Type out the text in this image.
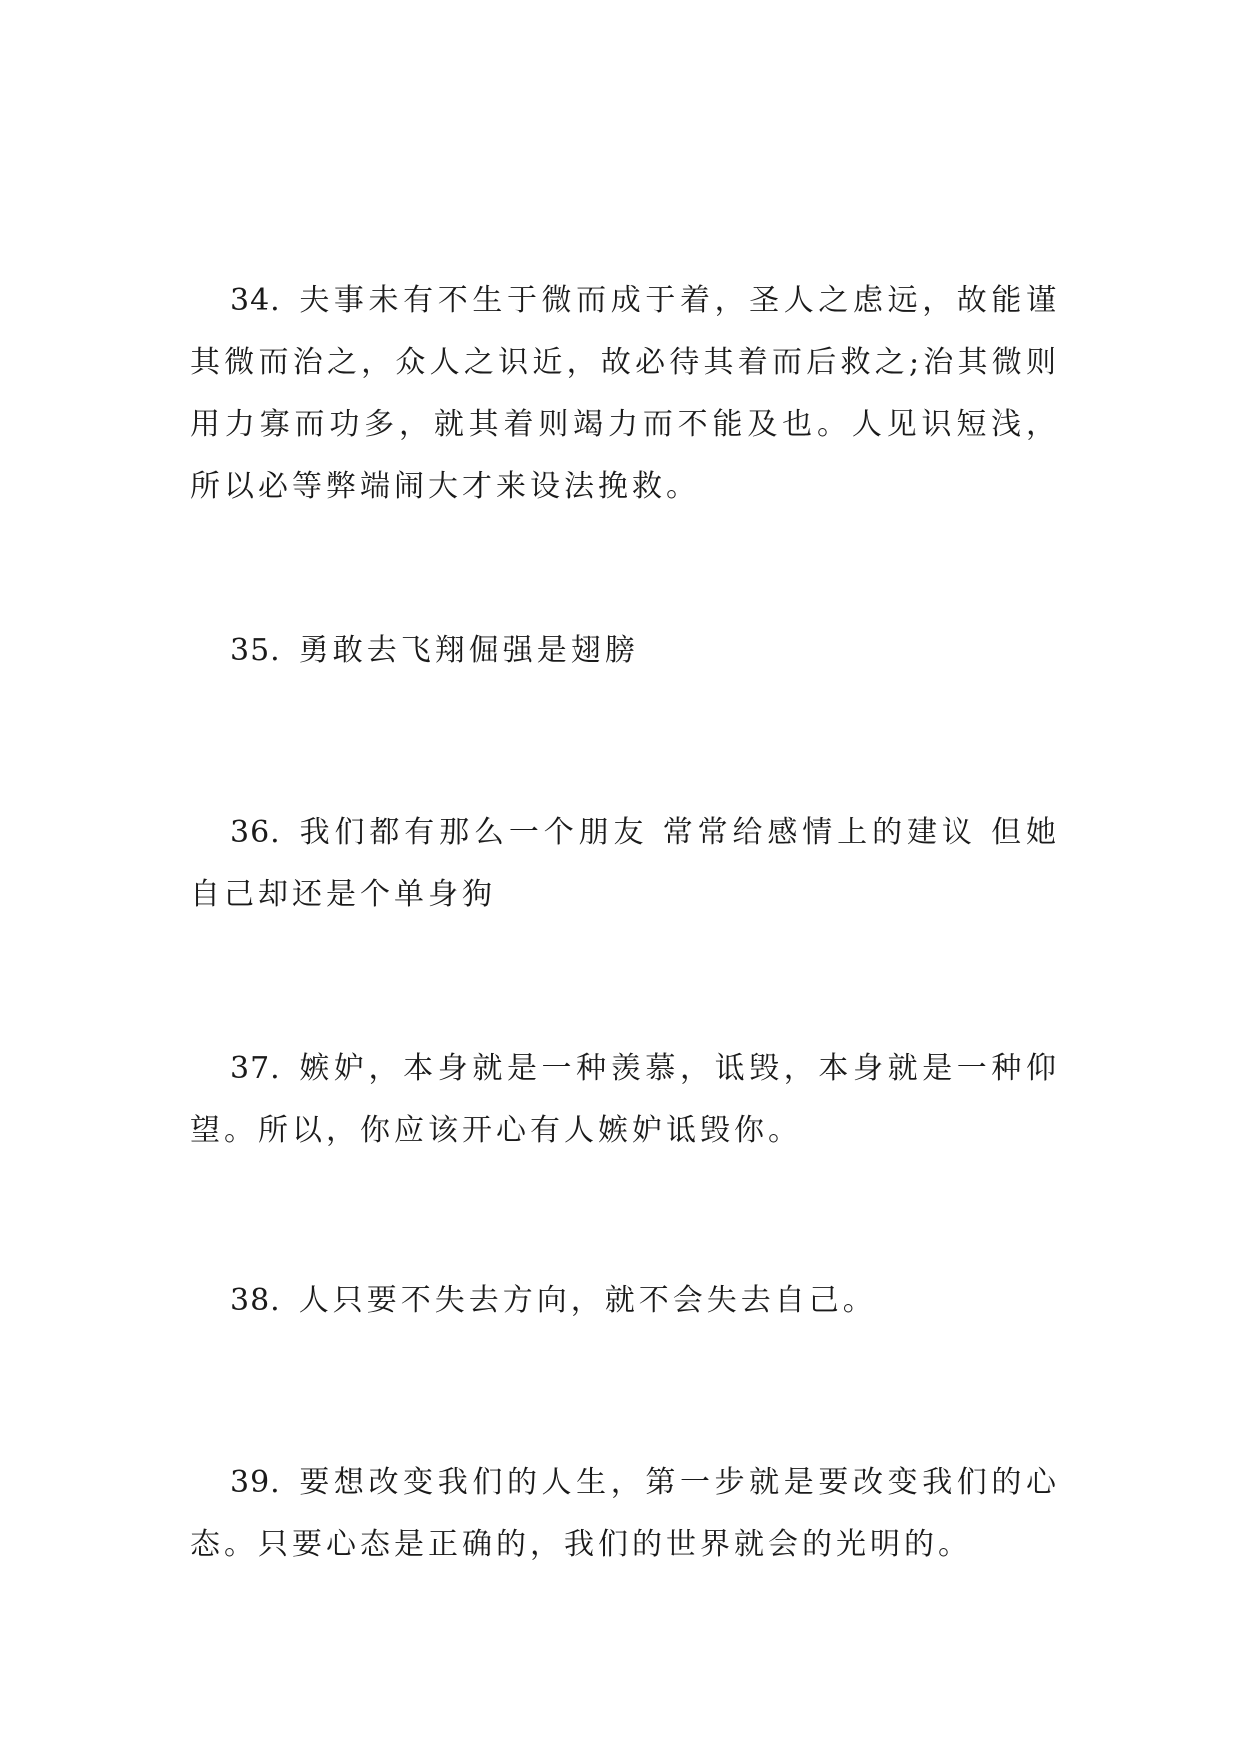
34. 夫事未有不生于微而成于着，圣人之虑远，故能谨其微而治之，众人之识近，故必待其着而后救之;治其微则用力寡而功多，就其着则竭力而不能及也。人见识短浅，所以必等弊端闹大才来设法挽救。

35. 勇敢去飞翔倔强是翅膀

36. 我们都有那么一个朋友 常常给感情上的建议 但她自己却还是个单身狗

37. 嫉妒，本身就是一种羡慕，诋毁，本身就是一种仰望。所以，你应该开心有人嫉妒诋毁你。

38. 人只要不失去方向，就不会失去自己。

39. 要想改变我们的人生，第一步就是要改变我们的心态。只要心态是正确的，我们的世界就会的光明的。
